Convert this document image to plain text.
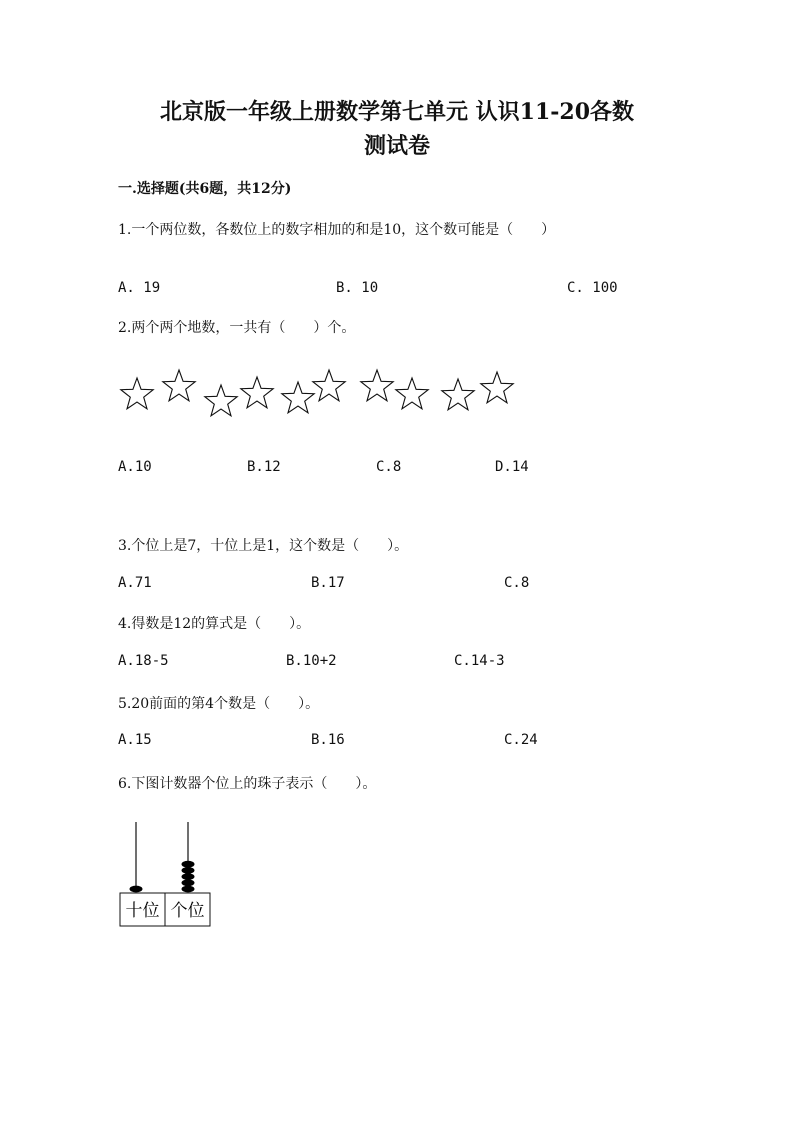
北京版一年级上册数学第七单元 认识11-20各数
测试卷
一.选择题(共6题，共12分)
1.一个两位数，各数位上的数字相加的和是10，这个数可能是（　　）
A. 19	B. 10	C. 100
2.两个两个地数，一共有（　　）个。
A.10	B.12	C.8	D.14
3.个位上是7，十位上是1，这个数是（　　）。
A.71	B.17	C.8
4.得数是12的算式是（　　）。
A.18-5	B.10+2	C.14-3
5.20前面的第4个数是（　　）。
A.15	B.16	C.24
6.下图计数器个位上的珠子表示（　　）。
十位 个位
